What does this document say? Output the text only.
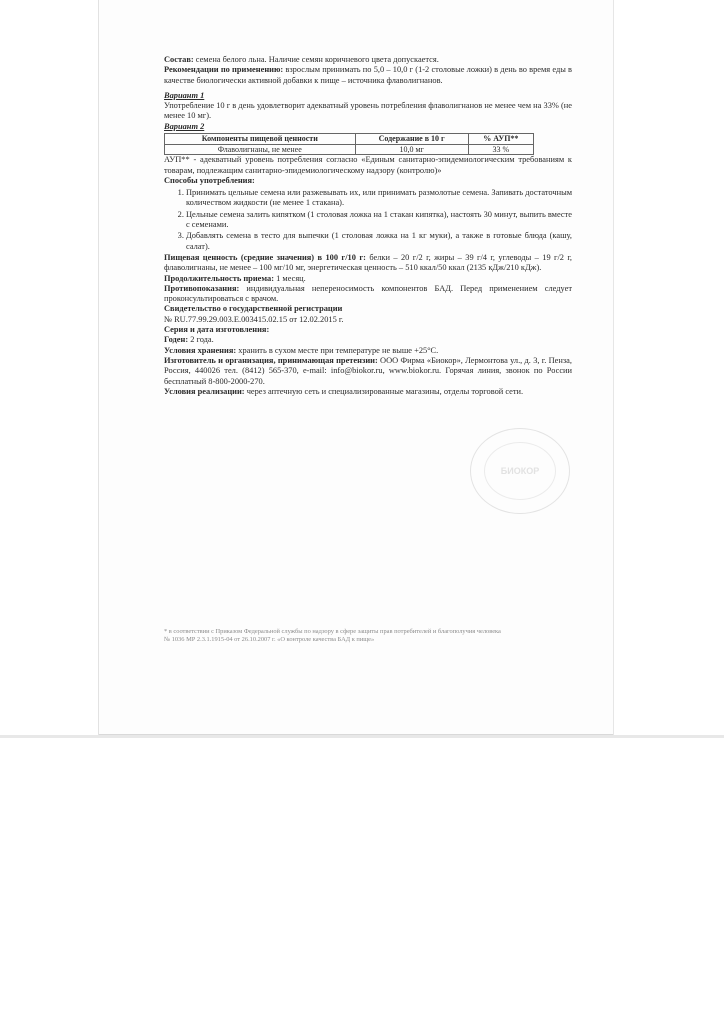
Состав: семена белого льна. Наличие семян коричневого цвета допускается.

Рекомендации по применению: взрослым принимать по 5,0 – 10,0 г (1-2 столовые ложки) в день во время еды в качестве биологически активной добавки к пище – источника флаволигнанов.

Вариант 1

Употребление 10 г в день удовлетворит адекватный уровень потребления флаволигнанов не менее чем на 33% (не менее 10 мг).

Вариант 2

Компоненты пищевой ценности	Содержание в 10 г	% АУП**
Флаволигнаны, не менее	10,0 мг	33 %

АУП** - адекватный уровень потребления согласно «Единым санитарно-эпидемиологическим требованиям к товарам, подлежащим санитарно-эпидемиологическому надзору (контролю)»

Способы употребления:

1. Принимать цельные семена или разжевывать их, или принимать размолотые семена. Запивать достаточным количеством жидкости (не менее 1 стакана).
2. Цельные семена залить кипятком (1 столовая ложка на 1 стакан кипятка), настоять 30 минут, выпить вместе с семенами.
3. Добавлять семена в тесто для выпечки (1 столовая ложка на 1 кг муки), а также в готовые блюда (кашу, салат).

Пищевая ценность (средние значения) в 100 г/10 г: белки – 20 г/2 г, жиры – 39 г/4 г, углеводы – 19 г/2 г, флаволигнаны, не менее – 100 мг/10 мг, энергетическая ценность – 510 ккал/50 ккал (2135 кДж/210 кДж).

Продолжительность приема: 1 месяц.

Противопоказания: индивидуальная непереносимость компонентов БАД. Перед применением следует проконсультироваться с врачом.

Свидетельство о государственной регистрации

№ RU.77.99.29.003.Е.003415.02.15 от 12.02.2015 г.

Серия и дата изготовления:

Годен: 2 года.

Условия хранения: хранить в сухом месте при температуре не выше +25°С.

Изготовитель и организация, принимающая претензии: ООО Фирма «Биокор», Лермонтова ул., д. 3, г. Пенза, Россия, 440026 тел. (8412) 565-370, e-mail: info@biokor.ru, www.biokor.ru. Горячая линия, звонок по России бесплатный 8-800-2000-270.

Условия реализации: через аптечную сеть и специализированные магазины, отделы торговой сети.

БИОКОР

* в соответствии с Приказом Федеральной службы по надзору в сфере защиты прав потребителей и благополучия человека

№ 1036 МР 2.3.1.1915-04 от 26.10.2007 г. «О контроле качества БАД к пище»
